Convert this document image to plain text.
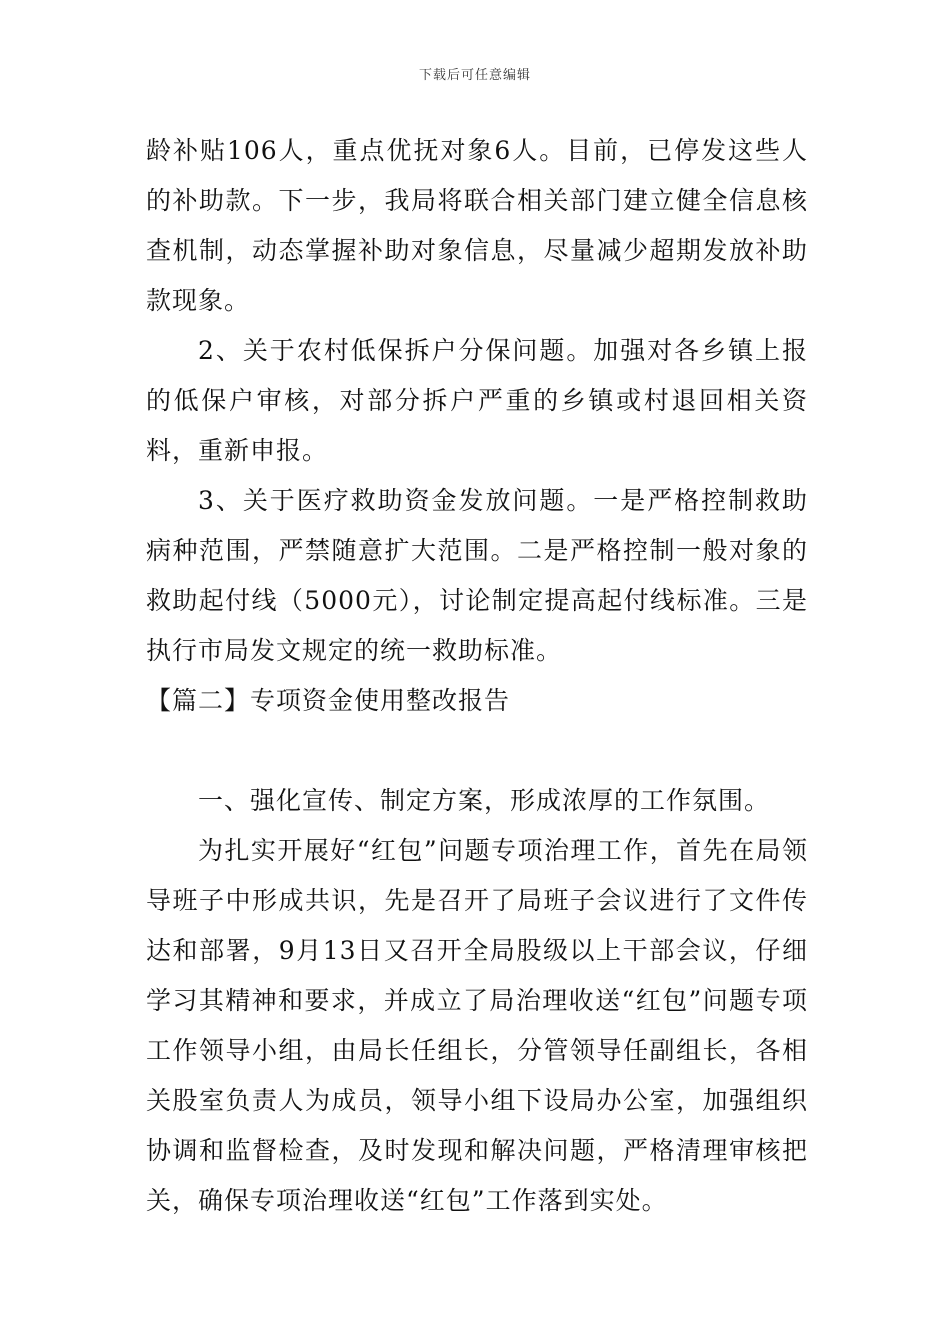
下载后可任意编辑

龄补贴106人，重点优抚对象6人。目前，已停发这些人的补助款。下一步，我局将联合相关部门建立健全信息核查机制，动态掌握补助对象信息，尽量减少超期发放补助款现象。

2、关于农村低保拆户分保问题。加强对各乡镇上报的低保户审核，对部分拆户严重的乡镇或村退回相关资料，重新申报。

3、关于医疗救助资金发放问题。一是严格控制救助病种范围，严禁随意扩大范围。二是严格控制一般对象的救助起付线（5000元），讨论制定提高起付线标准。三是执行市局发文规定的统一救助标准。

【篇二】专项资金使用整改报告

一、强化宣传、制定方案，形成浓厚的工作氛围。

为扎实开展好“红包”问题专项治理工作，首先在局领导班子中形成共识，先是召开了局班子会议进行了文件传达和部署，9月13日又召开全局股级以上干部会议，仔细学习其精神和要求，并成立了局治理收送“红包”问题专项工作领导小组，由局长任组长，分管领导任副组长，各相关股室负责人为成员，领导小组下设局办公室，加强组织协调和监督检查，及时发现和解决问题，严格清理审核把关，确保专项治理收送“红包”工作落到实处。
